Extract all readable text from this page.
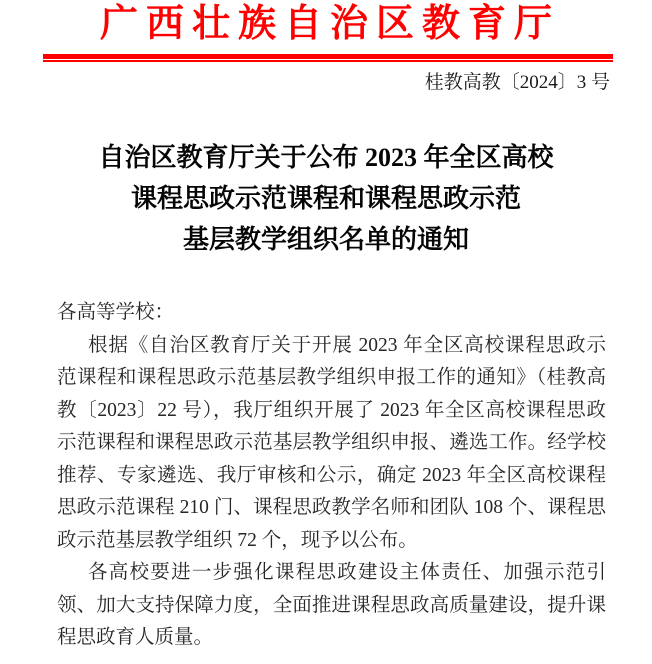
广西壮族自治区教育厅
桂教高教〔2024〕3 号
自治区教育厅关于公布 2023 年全区高校
课程思政示范课程和课程思政示范
基层教学组织名单的通知
各高等学校：
根据《自治区教育厅关于开展 2023 年全区高校课程思政示
范课程和课程思政示范基层教学组织申报工作的通知》（桂教高
教〔2023〕22 号），我厅组织开展了 2023 年全区高校课程思政
示范课程和课程思政示范基层教学组织申报、遴选工作。经学校
推荐、专家遴选、我厅审核和公示，确定 2023 年全区高校课程
思政示范课程 210 门、课程思政教学名师和团队 108 个、课程思
政示范基层教学组织 72 个，现予以公布。
各高校要进一步强化课程思政建设主体责任、加强示范引
领、加大支持保障力度，全面推进课程思政高质量建设，提升课
程思政育人质量。
